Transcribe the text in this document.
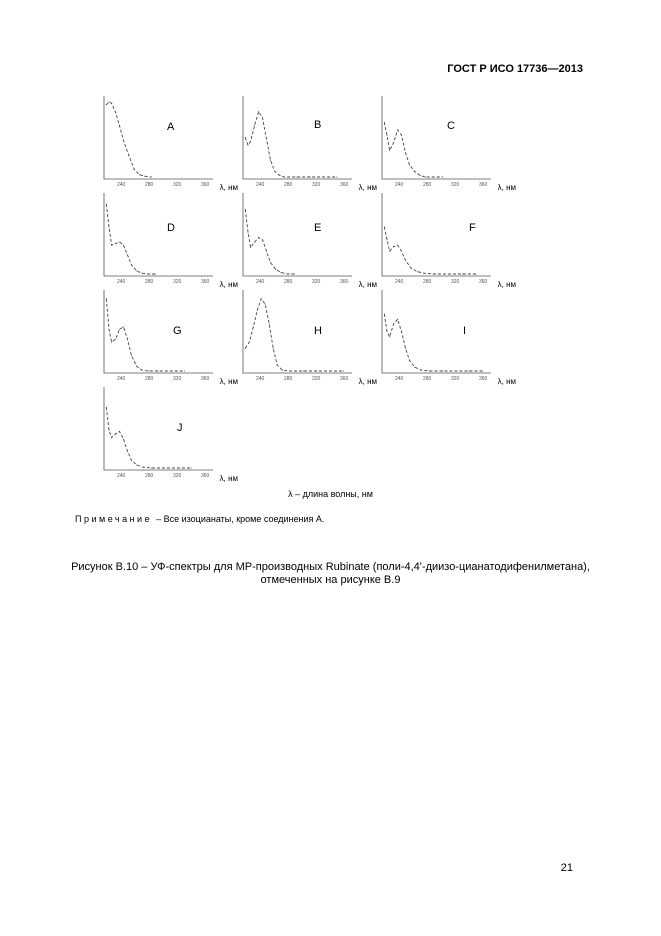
ГОСТ Р ИСО 17736—2013
A
240	280	320	360 λ, нм
B
240	280	320	360 λ, нм
C
240	280	320	360 λ, нм
D
240	280	320	360 λ, нм
E
240	280	320	360 λ, нм
F
240	280	320	360 λ, нм
G
240	280	320	360 λ, нм
H
240	280	320	360 λ, нм
I
240	280	320	360 λ, нм
J
240	280	320	360 λ, нм
λ – длина волны, нм
Примечание – Все изоцианаты, кроме соединения А.
Рисунок В.10 – УФ-спектры для МР-производных Rubinate (поли-4,4'-диизо-цианатодифенилметана),
отмеченных на рисунке В.9
21
